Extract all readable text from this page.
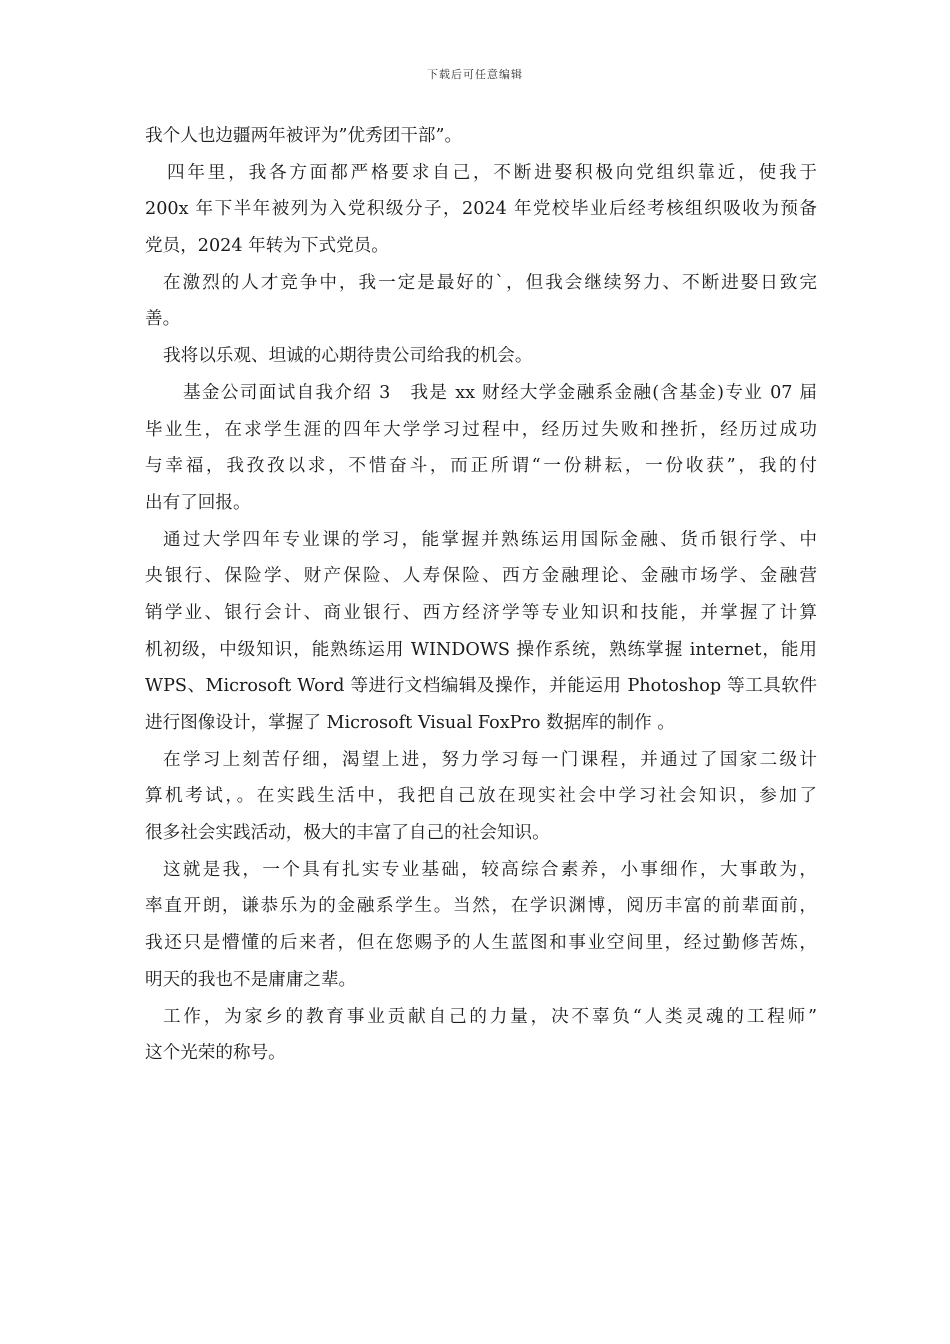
下载后可任意编辑
我个人也边疆两年被评为”优秀团干部”。
四年里，我各方面都严格要求自己，不断进娶积极向党组织靠近，使我于
200x 年下半年被列为入党积级分子，2024 年党校毕业后经考核组织吸收为预备
党员，2024 年转为下式党员。
在激烈的人才竞争中，我一定是最好的`，但我会继续努力、不断进娶日致完
善。
我将以乐观、坦诚的心期待贵公司给我的机会。
基金公司面试自我介绍 3　我是 xx 财经大学金融系金融(含基金)专业 07 届
毕业生，在求学生涯的四年大学学习过程中，经历过失败和挫折，经历过成功
与幸福，我孜孜以求，不惜奋斗，而正所谓“一份耕耘，一份收获”，我的付
出有了回报。
通过大学四年专业课的学习，能掌握并熟练运用国际金融、货币银行学、中
央银行、保险学、财产保险、人寿保险、西方金融理论、金融市场学、金融营
销学业、银行会计、商业银行、西方经济学等专业知识和技能，并掌握了计算
机初级，中级知识，能熟练运用 WINDOWS 操作系统，熟练掌握 internet，能用
WPS、Microsoft Word 等进行文档编辑及操作，并能运用 Photoshop 等工具软件
进行图像设计，掌握了 Microsoft Visual FoxPro 数据库的制作 。
在学习上刻苦仔细，渴望上进，努力学习每一门课程，并通过了国家二级计
算机考试，。在实践生活中，我把自己放在现实社会中学习社会知识，参加了
很多社会实践活动，极大的丰富了自己的社会知识。
这就是我，一个具有扎实专业基础，较高综合素养，小事细作，大事敢为，
率直开朗，谦恭乐为的金融系学生。当然，在学识渊博，阅历丰富的前辈面前，
我还只是懵懂的后来者，但在您赐予的人生蓝图和事业空间里，经过勤修苦炼，
明天的我也不是庸庸之辈。
工作，为家乡的教育事业贡献自己的力量，决不辜负“人类灵魂的工程师”
这个光荣的称号。
